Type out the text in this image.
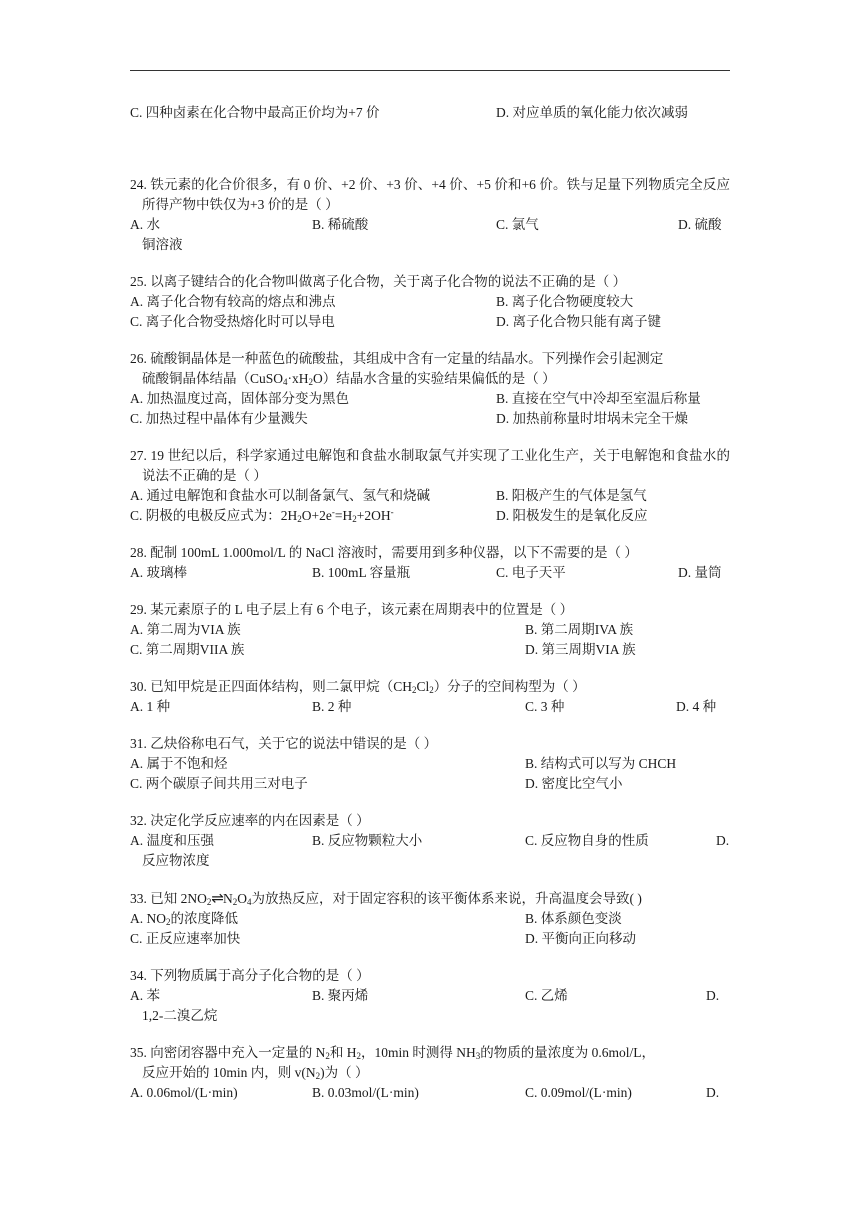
C. 四种卤素在化合物中最高正价均为+7 价	D. 对应单质的氧化能力依次减弱
24. 铁元素的化合价很多，有 0 价、+2 价、+3 价、+4 价、+5 价和+6 价。铁与足量下列物质完全反应所得产物中铁仅为+3 价的是（ ）
A. 水	B. 稀硫酸	C. 氯气	D. 硫酸
铜溶液
25. 以离子键结合的化合物叫做离子化合物，关于离子化合物的说法不正确的是（ ）
A. 离子化合物有较高的熔点和沸点	B. 离子化合物硬度较大
C. 离子化合物受热熔化时可以导电	D. 离子化合物只能有离子键
26. 硫酸铜晶体是一种蓝色的硫酸盐，其组成中含有一定量的结晶水。下列操作会引起测定
硫酸铜晶体结晶$(CuSO_4\cdot xH_2O)$结晶水含量的实验结果偏低的是（ ）
A. 加热温度过高，固体部分变为黑色	B. 直接在空气中冷却至室温后称量
C. 加热过程中晶体有少量溅失	D. 加热前称量时坩埚未完全干燥
27. 19 世纪以后，科学家通过电解饱和食盐水制取氯气并实现了工业化生产，关于电解饱和食盐水的说法不正确的是（ ）
A. 通过电解饱和食盐水可以制备氯气、氢气和烧碱	B. 阳极产生的气体是氢气
C. 阴极的电极反应式为：$2H_2O+2e^-=H_2+2OH^-$	D. 阳极发生的是氧化反应
28. 配制 100mL 1.000mol/L 的 NaCl 溶液时，需要用到多种仪器，以下不需要的是（ ）
A. 玻璃棒	B. 100mL 容量瓶	C. 电子天平	D. 量筒
29. 某元素原子的 L 电子层上有 6 个电子，该元素在周期表中的位置是（ ）
A. 第二周为VIA 族	B. 第二周期IVA 族
C. 第二周期VIIA 族	D. 第三周期VIA 族
30. 已知甲烷是正四面体结构，则二氯甲烷$(CH_2Cl_2)$分子的空间构型为（ ）
A. 1 种	B. 2 种	C. 3 种	D. 4 种
31. 乙炔俗称电石气，关于它的说法中错误的是（ ）
A. 属于不饱和烃	B. 结构式可以写为 CHCH
C. 两个碳原子间共用三对电子	D. 密度比空气小
32. 决定化学反应速率的内在因素是（ ）
A. 温度和压强	B. 反应物颗粒大小	C. 反应物自身的性质	D.
反应物浓度
33. 已知 $2NO_2\rightleftharpoons N_2O_4$为放热反应，对于固定容积的该平衡体系来说，升高温度会导致( )
A. $NO_2$的浓度降低	B. 体系颜色变淡
C. 正反应速率加快	D. 平衡向正向移动
34. 下列物质属于高分子化合物的是（ ）
A. 苯	B. 聚丙烯	C. 乙烯	D.
1,2-二溴乙烷
35. 向密闭容器中充入一定量的 $N_2$和 $H_2$，10min 时测得 $NH_3$的物质的量浓度为 0.6mol/L，
反应开始的 10min 内，则 $v(N_2)$为（ ）
A. 0.06mol/(L·min)	B. 0.03mol/(L·min)	C. 0.09mol/(L·min)	D.
